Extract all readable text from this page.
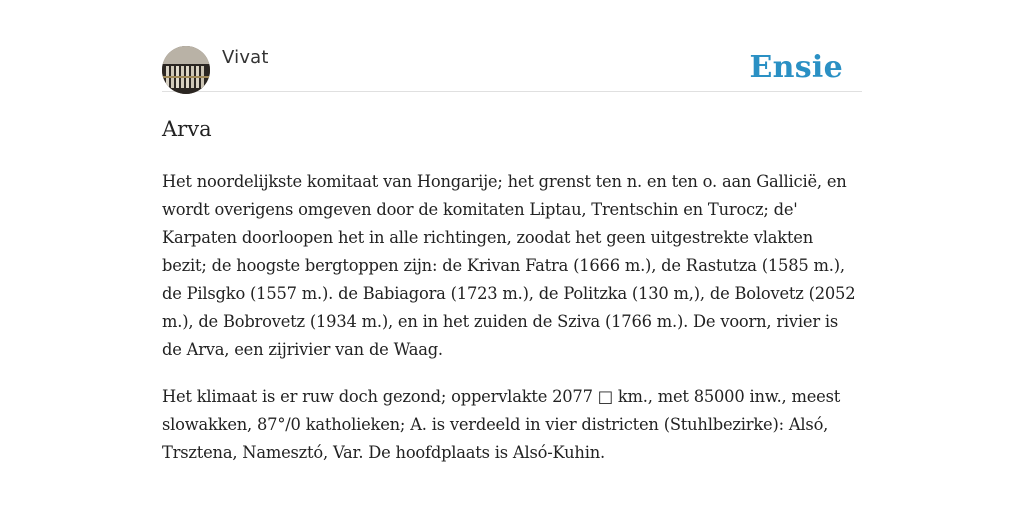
Vivat	Ensie
Arva

Het noordelijkste komitaat van Hongarije; het grenst ten n. en ten o. aan Gallicië, en wordt overigens omgeven door de komitaten Liptau, Trentschin en Turocz; de' Karpaten doorloopen het in alle richtingen, zoodat het geen uitgestrekte vlakten bezit; de hoogste bergtoppen zijn: de Krivan Fatra (1666 m.), de Rastutza (1585 m.), de Pilsgko (1557 m.). de Babiagora (1723 m.), de Politzka (130 m,), de Bolovetz (2052 m.), de Bobrovetz (1934 m.), en in het zuiden de Sziva (1766 m.). De voorn, rivier is de Arva, een zijrivier van de Waag.

Het klimaat is er ruw doch gezond; oppervlakte 2077 □ km., met 85000 inw., meest slowakken, 87°/0 katholieken; A. is verdeeld in vier districten (Stuhlbezirke): Alsó, Trsztena, Namesztó, Var. De hoofdplaats is Alsó-Kuhin.
